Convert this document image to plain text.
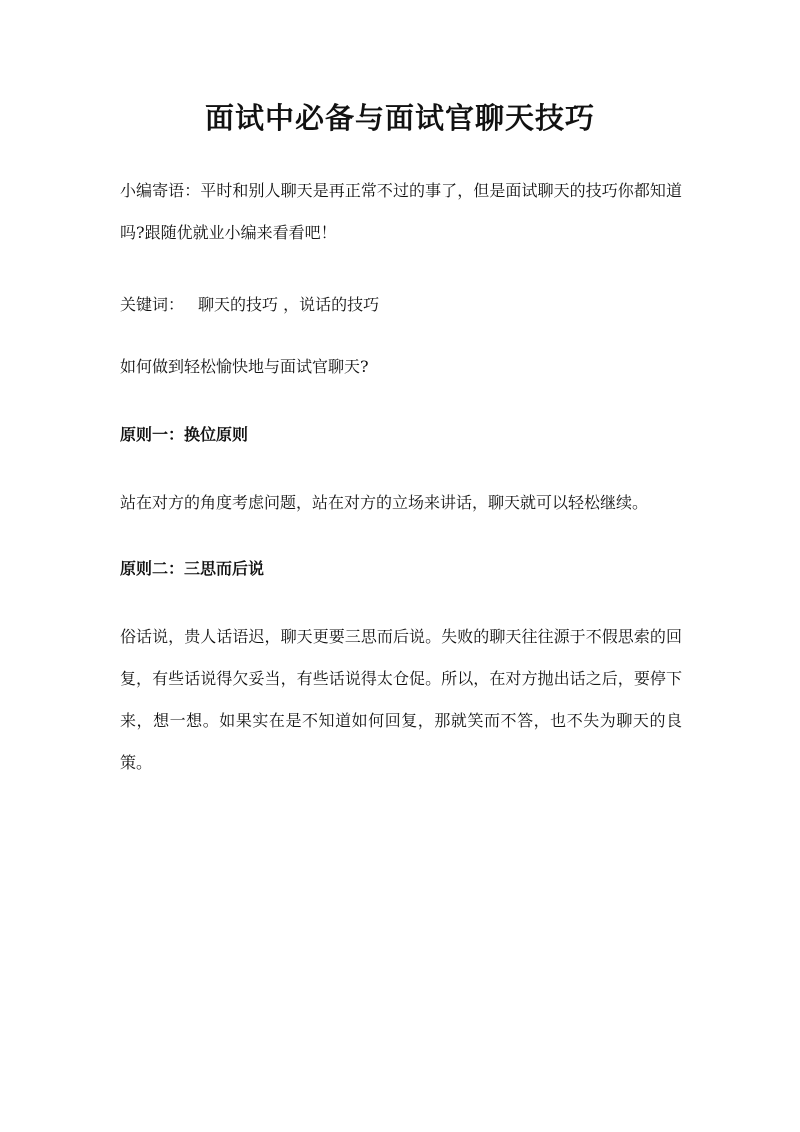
面试中必备与面试官聊天技巧

小编寄语：平时和别人聊天是再正常不过的事了，但是面试聊天的技巧你都知道吗?跟随优就业小编来看看吧！

关键词： 聊天的技巧 ，说话的技巧

如何做到轻松愉快地与面试官聊天?

原则一：换位原则

站在对方的角度考虑问题，站在对方的立场来讲话，聊天就可以轻松继续。

原则二：三思而后说

俗话说，贵人话语迟，聊天更要三思而后说。失败的聊天往往源于不假思索的回复，有些话说得欠妥当，有些话说得太仓促。所以，在对方抛出话之后，要停下来，想一想。如果实在是不知道如何回复，那就笑而不答，也不失为聊天的良策。
